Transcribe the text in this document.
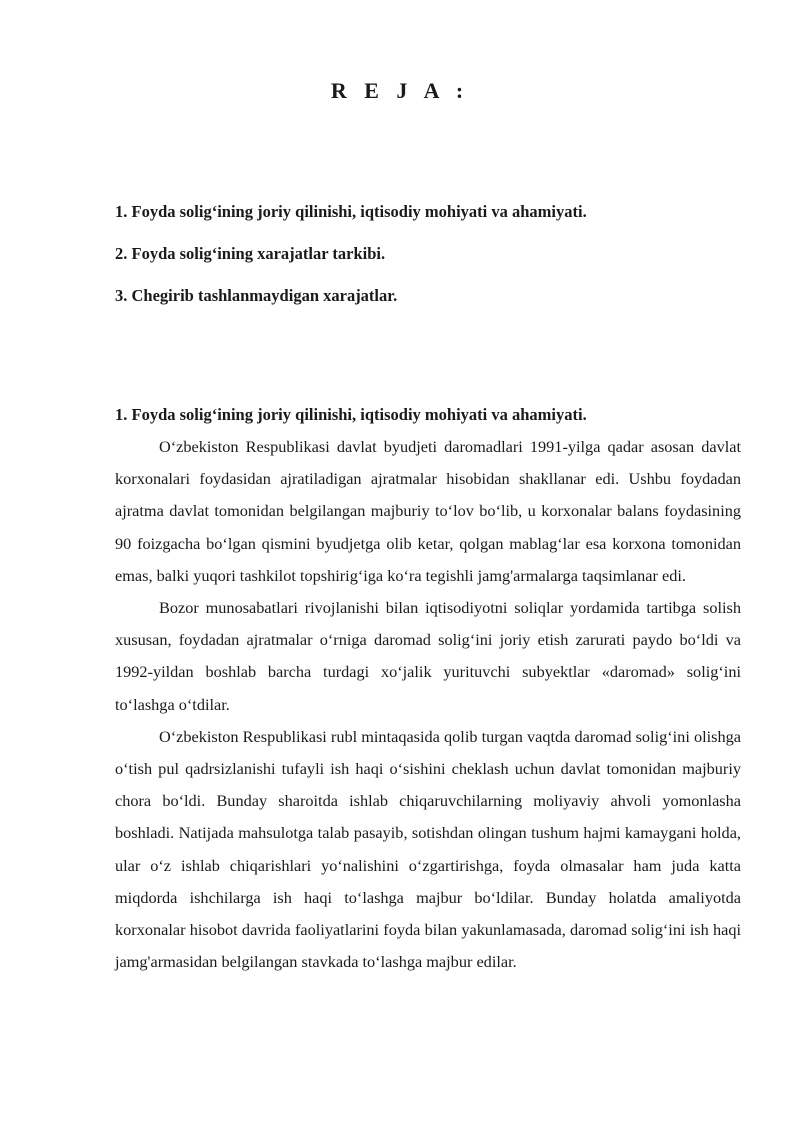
R E J A :
1. Foyda solig‘ining joriy qilinishi, iqtisodiy mohiyati va ahamiyati.
2. Foyda solig‘ining xarajatlar tarkibi.
3. Chegirib tashlanmaydigan xarajatlar.

1. Foyda solig‘ining joriy qilinishi, iqtisodiy mohiyati va ahamiyati.

O‘zbekiston Respublikasi davlat byudjeti daromadlari 1991-yilga qadar asosan davlat korxonalari foydasidan ajratiladigan ajratmalar hisobidan shakllanar edi. Ushbu foydadan ajratma davlat tomonidan belgilangan majburiy to‘lov bo‘lib, u korxonalar balans foydasining 90 foizgacha bo‘lgan qismini byudjetga olib ketar, qolgan mablag‘lar esa korxona tomonidan emas, balki yuqori tashkilot topshirig‘iga ko‘ra tegishli jamg'armalarga taqsimlanar edi.

Bozor munosabatlari rivojlanishi bilan iqtisodiyotni soliqlar yordamida tartibga solish xususan, foydadan ajratmalar o‘rniga daromad solig‘ini joriy etish zarurati paydo bo‘ldi va 1992-yildan boshlab barcha turdagi xo‘jalik yurituvchi subyektlar «daromad» solig‘ini to‘lashga o‘tdilar.

O‘zbekiston Respublikasi rubl mintaqasida qolib turgan vaqtda daromad solig‘ini olishga o‘tish pul qadrsizlanishi tufayli ish haqi o‘sishini cheklash uchun davlat tomonidan majburiy chora bo‘ldi. Bunday sharoitda ishlab chiqaruvchilarning moliyaviy ahvoli yomonlasha boshladi. Natijada mahsulotga talab pasayib, sotishdan olingan tushum hajmi kamaygani holda, ular o‘z ishlab chiqarishlari yo‘nalishini o‘zgartirishga, foyda olmasalar ham juda katta miqdorda ishchilarga ish haqi to‘lashga majbur bo‘ldilar. Bunday holatda amaliyotda korxonalar hisobot davrida faoliyatlarini foyda bilan yakunlamasada, daromad solig‘ini ish haqi jamg'armasidan belgilangan stavkada to‘lashga majbur edilar.
